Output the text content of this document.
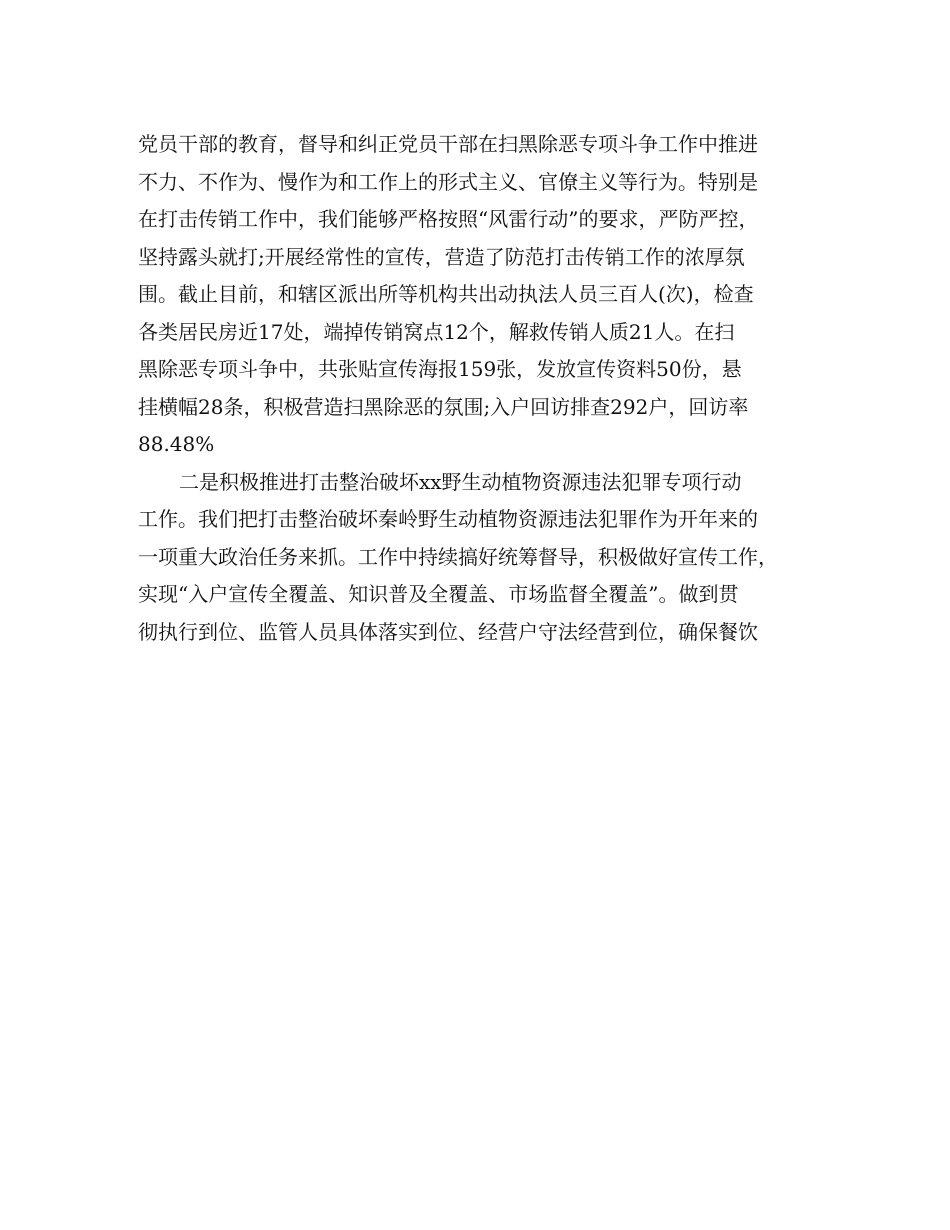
党员干部的教育，督导和纠正党员干部在扫黑除恶专项斗争工作中推进

不力、不作为、慢作为和工作上的形式主义、官僚主义等行为。特别是

在打击传销工作中，我们能够严格按照“风雷行动”的要求，严防严控，

坚持露头就打;开展经常性的宣传，营造了防范打击传销工作的浓厚氛

围。截止目前，和辖区派出所等机构共出动执法人员三百人(次)，检查

各类居民房近17处，端掉传销窝点12个，解救传销人质21人。在扫

黑除恶专项斗争中，共张贴宣传海报159张，发放宣传资料50份，悬

挂横幅28条，积极营造扫黑除恶的氛围;入户回访排查292户，回访率

88.48%

二是积极推进打击整治破坏xx野生动植物资源违法犯罪专项行动

工作。我们把打击整治破坏秦岭野生动植物资源违法犯罪作为开年来的

一项重大政治任务来抓。工作中持续搞好统筹督导，积极做好宣传工作，

实现“入户宣传全覆盖、知识普及全覆盖、市场监督全覆盖”。做到贯

彻执行到位、监管人员具体落实到位、经营户守法经营到位，确保餐饮
